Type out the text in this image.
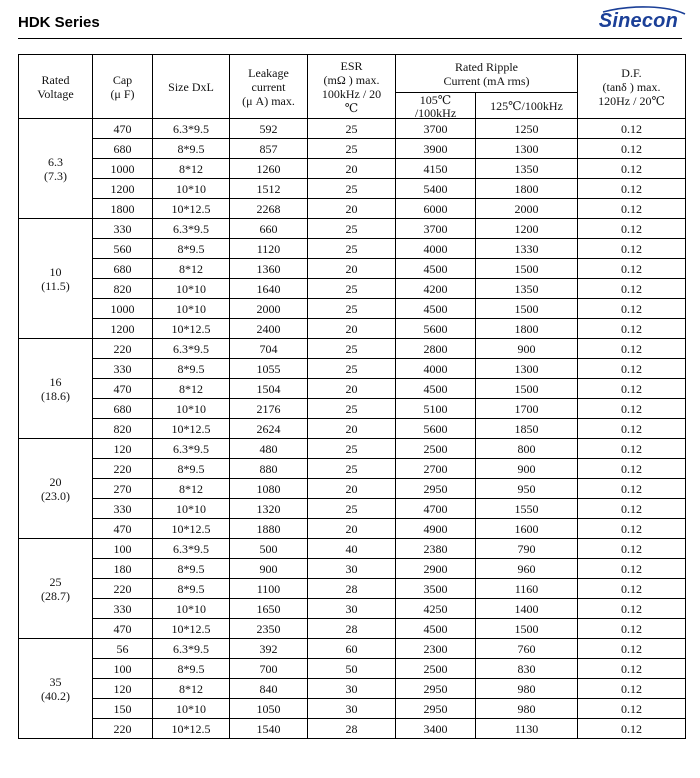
HDK Series	Sinecon
Rated
Voltage	Cap
(μ F)	Size DxL	Leakage
current
(μ A) max.	ESR
(mΩ ) max.
100kHz / 20
℃	Rated Ripple
Current (mA rms)		D.F.
(tanδ ) max.
120Hz / 20℃

					105℃
/100kHz	125℃/100kHz	
6.3
(7.3)	470	6.3*9.5	592	25	3700	1250	0.12
	680	8*9.5	857	25	3900	1300	0.12
	1000	8*12	1260	20	4150	1350	0.12
	1200	10*10	1512	25	5400	1800	0.12
	1800	10*12.5	2268	20	6000	2000	0.12
10
(11.5)	330	6.3*9.5	660	25	3700	1200	0.12
	560	8*9.5	1120	25	4000	1330	0.12
	680	8*12	1360	20	4500	1500	0.12
	820	10*10	1640	25	4200	1350	0.12
	1000	10*10	2000	25	4500	1500	0.12
	1200	10*12.5	2400	20	5600	1800	0.12
16
(18.6)	220	6.3*9.5	704	25	2800	900	0.12
	330	8*9.5	1055	25	4000	1300	0.12
	470	8*12	1504	20	4500	1500	0.12
	680	10*10	2176	25	5100	1700	0.12
	820	10*12.5	2624	20	5600	1850	0.12
20
(23.0)	120	6.3*9.5	480	25	2500	800	0.12
	220	8*9.5	880	25	2700	900	0.12
	270	8*12	1080	20	2950	950	0.12
	330	10*10	1320	25	4700	1550	0.12
	470	10*12.5	1880	20	4900	1600	0.12
25
(28.7)	100	6.3*9.5	500	40	2380	790	0.12
	180	8*9.5	900	30	2900	960	0.12
	220	8*9.5	1100	28	3500	1160	0.12
	330	10*10	1650	30	4250	1400	0.12
	470	10*12.5	2350	28	4500	1500	0.12
35
(40.2)	56	6.3*9.5	392	60	2300	760	0.12
	100	8*9.5	700	50	2500	830	0.12
	120	8*12	840	30	2950	980	0.12
	150	10*10	1050	30	2950	980	0.12
	220	10*12.5	1540	28	3400	1130	0.12
